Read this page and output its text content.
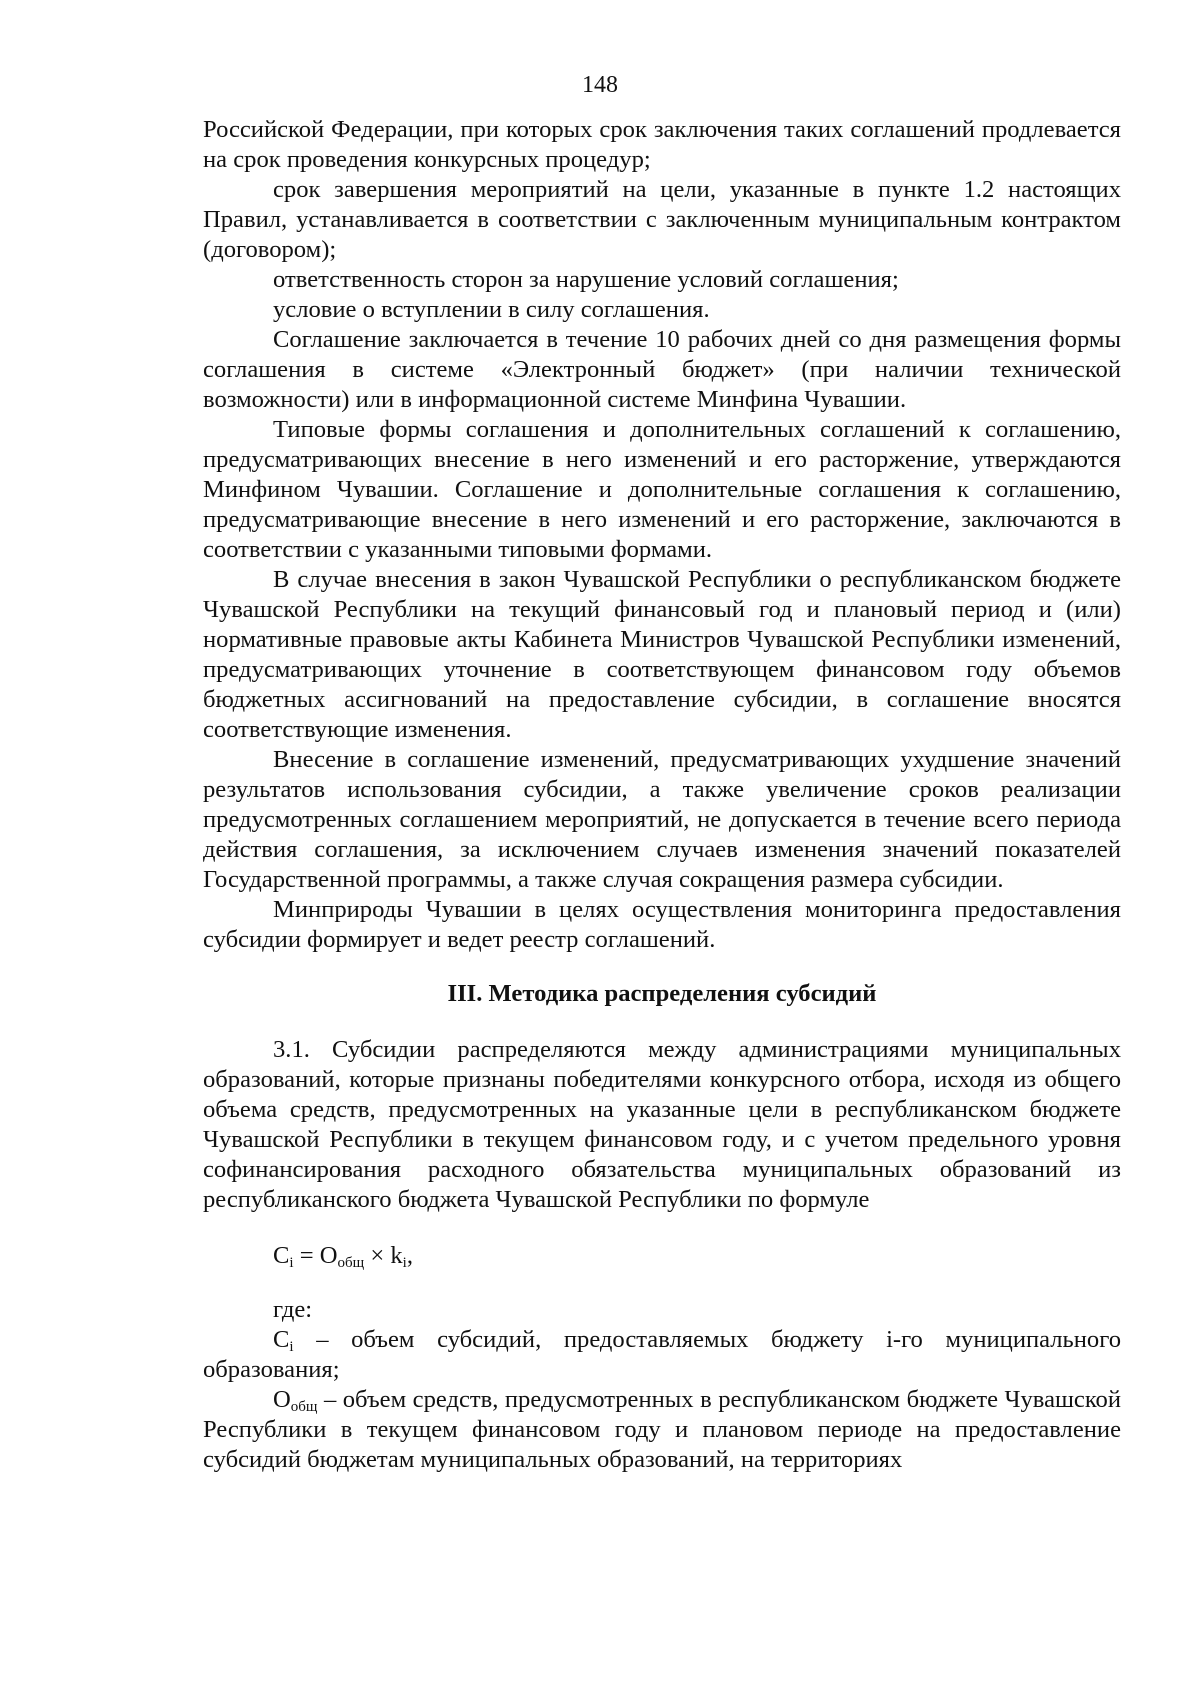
148

Российской Федерации, при которых срок заключения таких соглашений продлевается на срок проведения конкурсных процедур;

срок завершения мероприятий на цели, указанные в пункте 1.2 настоящих Правил, устанавливается в соответствии с заключенным муниципальным контрактом (договором);

ответственность сторон за нарушение условий соглашения;

условие о вступлении в силу соглашения.

Соглашение заключается в течение 10 рабочих дней со дня размещения формы соглашения в системе «Электронный бюджет» (при наличии технической возможности) или в информационной системе Минфина Чувашии.

Типовые формы соглашения и дополнительных соглашений к соглашению, предусматривающих внесение в него изменений и его расторжение, утверждаются Минфином Чувашии. Соглашение и дополнительные соглашения к соглашению, предусматривающие внесение в него изменений и его расторжение, заключаются в соответствии с указанными типовыми формами.

В случае внесения в закон Чувашской Республики о республиканском бюджете Чувашской Республики на текущий финансовый год и плановый период и (или) нормативные правовые акты Кабинета Министров Чувашской Республики изменений, предусматривающих уточнение в соответствующем финансовом году объемов бюджетных ассигнований на предоставление субсидии, в соглашение вносятся соответствующие изменения.

Внесение в соглашение изменений, предусматривающих ухудшение значений результатов использования субсидии, а также увеличение сроков реализации предусмотренных соглашением мероприятий, не допускается в течение всего периода действия соглашения, за исключением случаев изменения значений показателей Государственной программы, а также случая сокращения размера субсидии.

Минприроды Чувашии в целях осуществления мониторинга предоставления субсидии формирует и ведет реестр соглашений.

III. Методика распределения субсидий

3.1. Субсидии распределяются между администрациями муниципальных образований, которые признаны победителями конкурсного отбора, исходя из общего объема средств, предусмотренных на указанные цели в республиканском бюджете Чувашской Республики в текущем финансовом году, и с учетом предельного уровня софинансирования расходного обязательства муниципальных образований из республиканского бюджета Чувашской Республики по формуле

$C_i = O_{общ} \times k_i$,

где:

$C_i$ – объем субсидий, предоставляемых бюджету i-го муниципального образования;

$O_{общ}$ – объем средств, предусмотренных в республиканском бюджете Чувашской Республики в текущем финансовом году и плановом периоде на предоставление субсидий бюджетам муниципальных образований, на территориях
